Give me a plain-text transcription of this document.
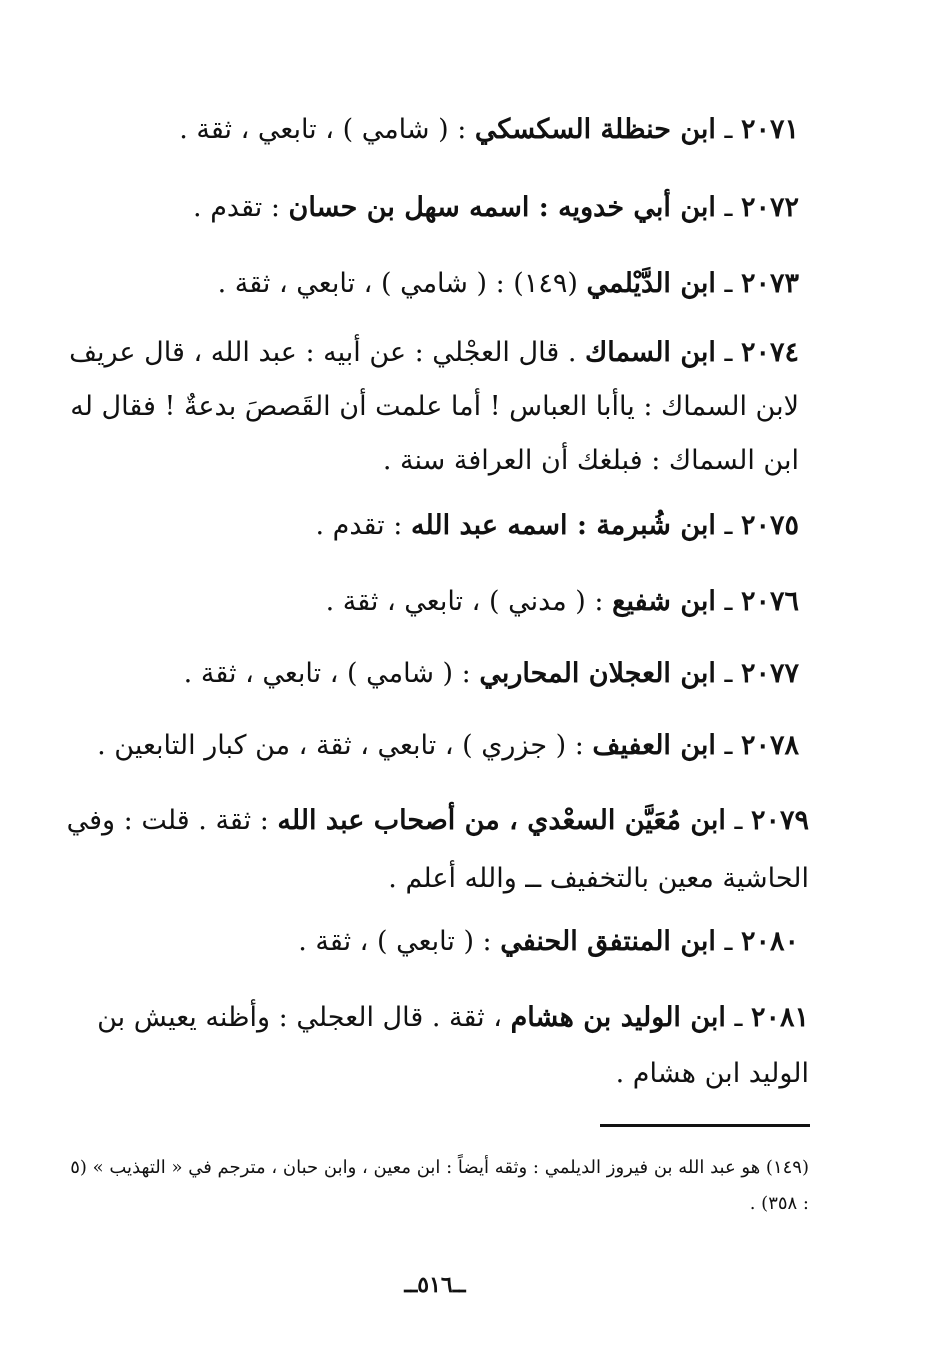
٢٠٧١ ـ ابن حنظلة السكسكي : ( شامي ) ، تابعي ، ثقة .

٢٠٧٢ ـ ابن أبي خدويه : اسمه سهل بن حسان : تقدم .

٢٠٧٣ ـ ابن الدَّيْلمي (١٤٩) : ( شامي ) ، تابعي ، ثقة .

٢٠٧٤ ـ ابن السماك . قال العجْلي : عن أبيه : عبد الله ، قال عريف لابن السماك : ياأبا العباس ! أما علمت أن القَصصَ بدعةٌ ! فقال له ابن السماك : فبلغك أن العرافة سنة .

٢٠٧٥ ـ ابن شُبرمة : اسمه عبد الله : تقدم .

٢٠٧٦ ـ ابن شفيع : ( مدني ) ، تابعي ، ثقة .

٢٠٧٧ ـ ابن العجلان المحاربي : ( شامي ) ، تابعي ، ثقة .

٢٠٧٨ ـ ابن العفيف : ( جزري ) ، تابعي ، ثقة ، من كبار التابعين .

٢٠٧٩ ـ ابن مُعَيَّن السعْدي ، من أصحاب عبد الله : ثقة . قلت : وفي الحاشية معين بالتخفيف ــ والله أعلم .

٢٠٨٠ ـ ابن المنتفق الحنفي : ( تابعي ) ، ثقة .

٢٠٨١ ـ ابن الوليد بن هشام ، ثقة . قال العجلي : وأظنه يعيش بن الوليد ابن هشام .

(١٤٩) هو عبد الله بن فيروز الديلمي : وثقه أيضاً : ابن معين ، وابن حبان ، مترجم في « التهذيب » (٥ : ٣٥٨) .

ــ٥١٦ــ
